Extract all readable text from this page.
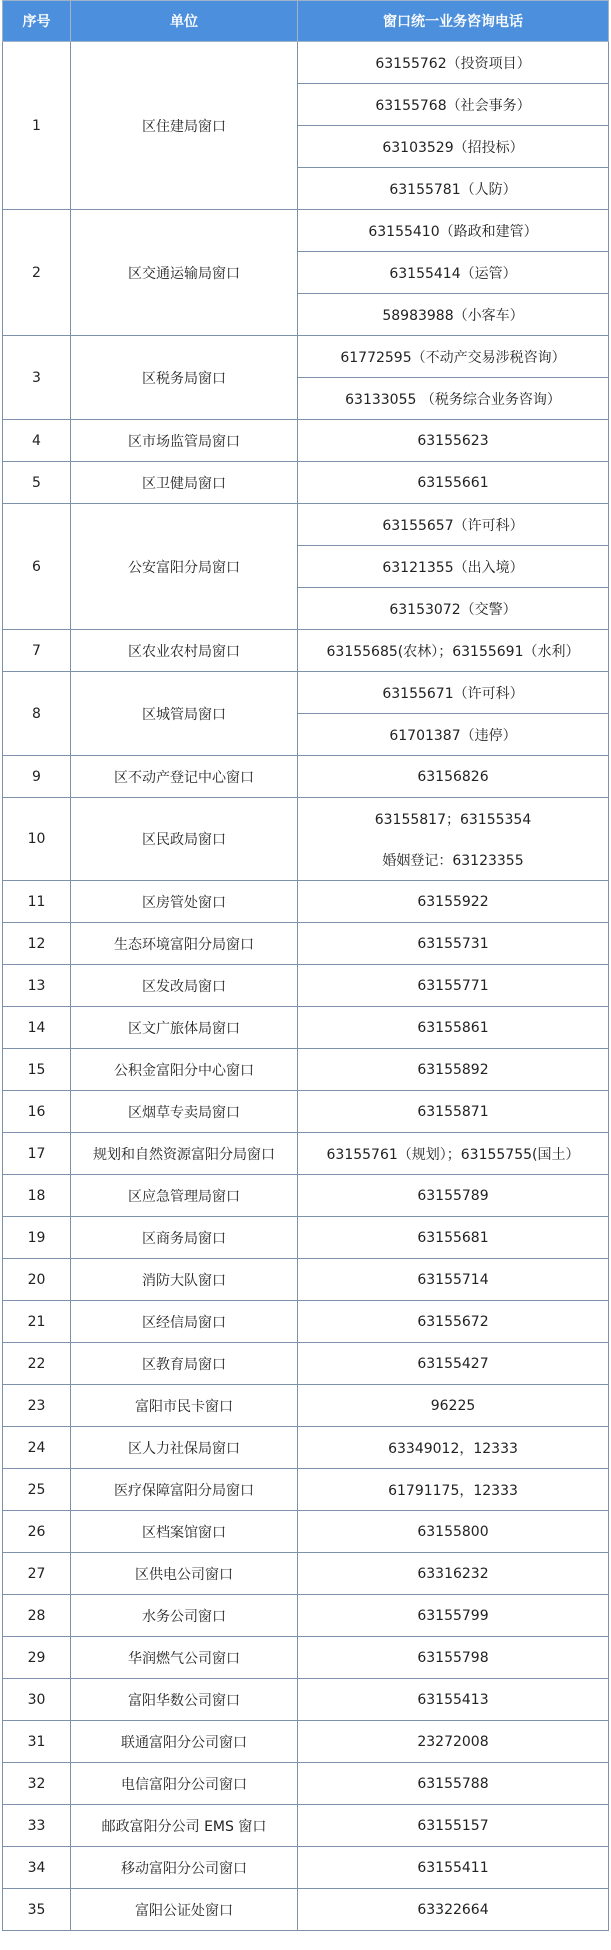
序号	单位	窗口统一业务咨询电话
1	区住建局窗口	63155762（投资项目）
		63155768（社会事务）
		63103529（招投标）
		63155781（人防）
2	区交通运输局窗口	63155410（路政和建管）
		63155414（运管）
		58983988（小客车）
3	区税务局窗口	61772595（不动产交易涉税咨询）
		63133055 （税务综合业务咨询）
4	区市场监管局窗口	63155623
5	区卫健局窗口	63155661
6	公安富阳分局窗口	63155657（许可科）
		63121355（出入境）
		63153072（交警）
7	区农业农村局窗口	63155685(农林）；63155691（水利）
8	区城管局窗口	63155671（许可科）
		61701387（违停）
9	区不动产登记中心窗口	63156826
10	区民政局窗口	63155817；63155354
		婚姻登记：63123355
11	区房管处窗口	63155922
12	生态环境富阳分局窗口	63155731
13	区发改局窗口	63155771
14	区文广旅体局窗口	63155861
15	公积金富阳分中心窗口	63155892
16	区烟草专卖局窗口	63155871
17	规划和自然资源富阳分局窗口	63155761（规划）；63155755(国土）
18	区应急管理局窗口	63155789
19	区商务局窗口	63155681
20	消防大队窗口	63155714
21	区经信局窗口	63155672
22	区教育局窗口	63155427
23	富阳市民卡窗口	96225
24	区人力社保局窗口	63349012，12333
25	医疗保障富阳分局窗口	61791175，12333
26	区档案馆窗口	63155800
27	区供电公司窗口	63316232
28	水务公司窗口	63155799
29	华润燃气公司窗口	63155798
30	富阳华数公司窗口	63155413
31	联通富阳分公司窗口	23272008
32	电信富阳分公司窗口	63155788
33	邮政富阳分公司 EMS 窗口	63155157
34	移动富阳分公司窗口	63155411
35	富阳公证处窗口	63322664
